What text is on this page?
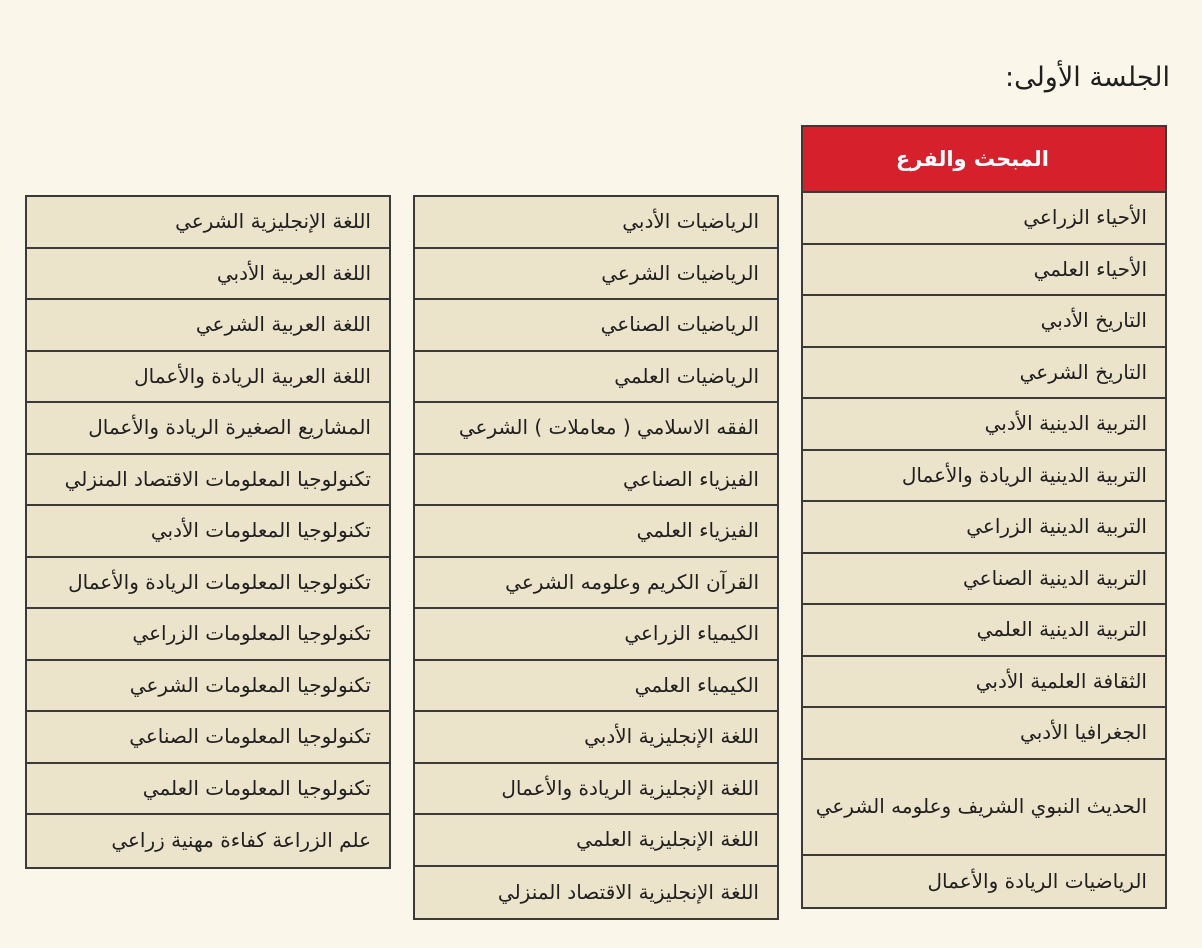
الجلسة الأولى:
المبحث والفرع
الأحياء الزراعي
الأحياء العلمي
التاريخ الأدبي
التاريخ الشرعي
التربية الدينية الأدبي
التربية الدينية الريادة والأعمال
التربية الدينية الزراعي
التربية الدينية الصناعي
التربية الدينية العلمي
الثقافة العلمية الأدبي
الجغرافيا الأدبي
الحديث النبوي الشريف وعلومه الشرعي
الرياضيات الريادة والأعمال
الرياضيات الأدبي
الرياضيات الشرعي
الرياضيات الصناعي
الرياضيات العلمي
الفقه الاسلامي ( معاملات ) الشرعي
الفيزياء الصناعي
الفيزياء العلمي
القرآن الكريم وعلومه الشرعي
الكيمياء الزراعي
الكيمياء العلمي
اللغة الإنجليزية الأدبي
اللغة الإنجليزية الريادة والأعمال
اللغة الإنجليزية العلمي
اللغة الإنجليزية الاقتصاد المنزلي
اللغة الإنجليزية الشرعي
اللغة العربية الأدبي
اللغة العربية الشرعي
اللغة العربية الريادة والأعمال
المشاريع الصغيرة الريادة والأعمال
تكنولوجيا المعلومات الاقتصاد المنزلي
تكنولوجيا المعلومات الأدبي
تكنولوجيا المعلومات الريادة والأعمال
تكنولوجيا المعلومات الزراعي
تكنولوجيا المعلومات الشرعي
تكنولوجيا المعلومات الصناعي
تكنولوجيا المعلومات العلمي
علم الزراعة كفاءة مهنية زراعي
